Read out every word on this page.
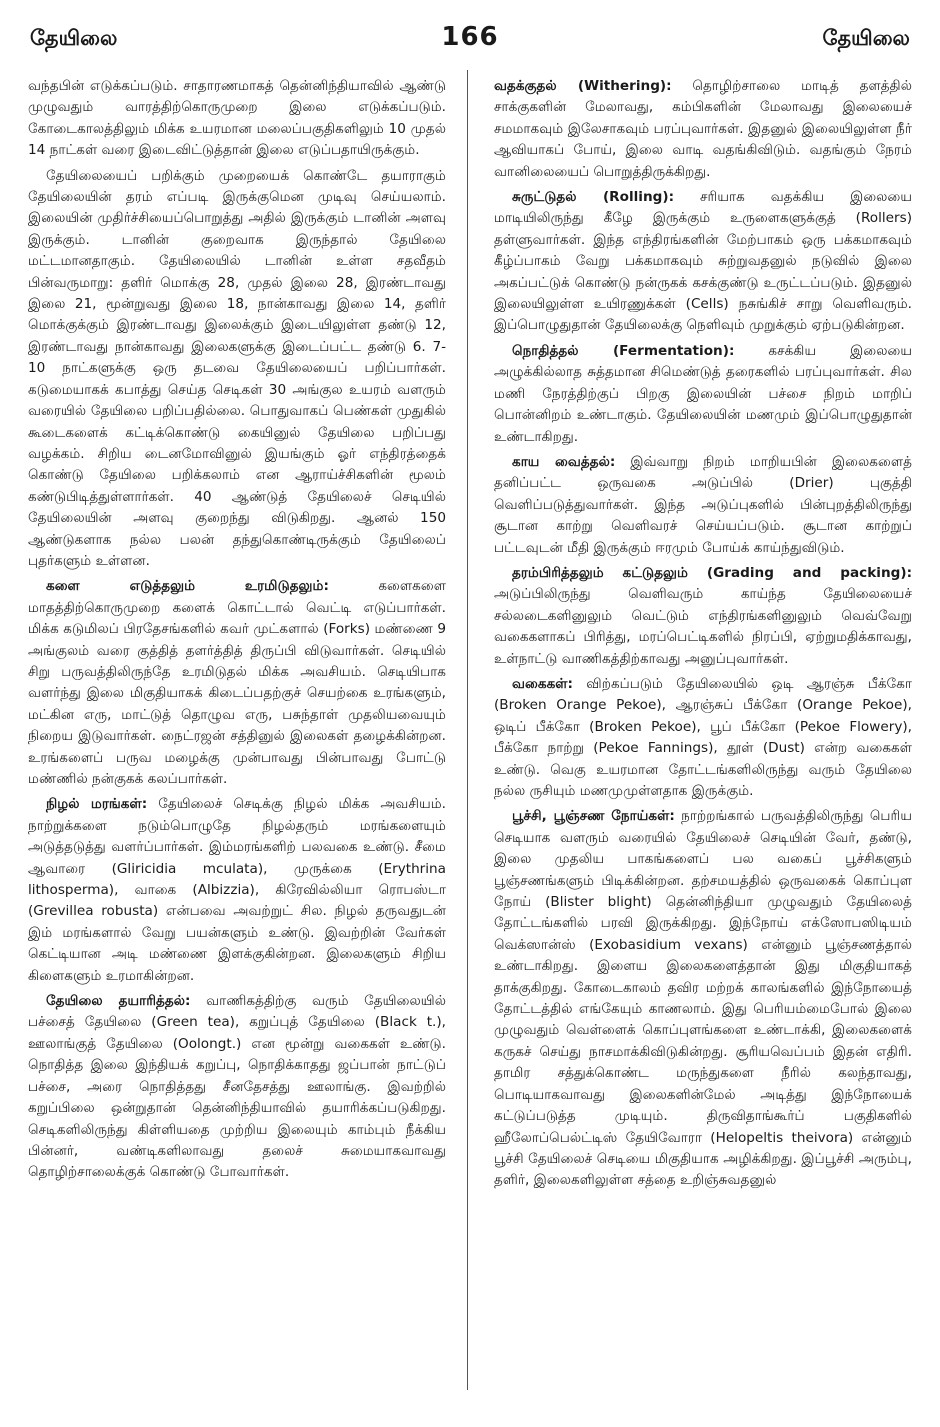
தேயிலை	166	தேயிலை

வந்தபின் எடுக்கப்படும். சாதாரணமாகத் தென்னிந்தியாவில் ஆண்டு முழுவதும் வாரத்திற்கொருமுறை இலை எடுக்கப்படும். கோடைகாலத்திலும் மிக்க உயரமான மலைப்பகுதிகளிலும் 10 முதல் 14 நாட்கள் வரை இடைவிட்டுத்தான் இலை எடுப்பதாயிருக்கும்.

தேயிலையைப் பறிக்கும் முறையைக் கொண்டே தயாராகும் தேயிலையின் தரம் எப்படி இருக்குமென முடிவு செய்யலாம். இலையின் முதிர்ச்சியைப்பொறுத்து அதில் இருக்கும் டானின் அளவு இருக்கும். டானின் குறைவாக இருந்தால் தேயிலை மட்டமானதாகும். தேயிலையில் டானின் உள்ள சதவீதம் பின்வருமாறு: தளிர் மொக்கு 28, முதல் இலை 28, இரண்டாவது இலை 21, மூன்றுவது இலை 18, நான்காவது இலை 14, தளிர் மொக்குக்கும் இரண்டாவது இலைக்கும் இடையிலுள்ள தண்டு 12, இரண்டாவது நான்காவது இலைகளுக்கு இடைப்பட்ட தண்டு 6. 7-10 நாட்களுக்கு ஒரு தடவை தேயிலையைப் பறிப்பார்கள். கடுமையாகக் கபாத்து செய்த செடிகள் 30 அங்குல உயரம் வளரும் வரையில் தேயிலை பறிப்பதில்லை. பொதுவாகப் பெண்கள் முதுகில் கூடைகளைக் கட்டிக்கொண்டு கையினுல் தேயிலை பறிப்பது வழக்கம். சிறிய டைனமோவினுல் இயங்கும் ஓர் எந்திரத்தைக் கொண்டு தேயிலை பறிக்கலாம் என ஆராய்ச்சிகளின் மூலம் கண்டுபிடித்துள்ளார்கள். 40 ஆண்டுத் தேயிலைச் செடியில் தேயிலையின் அளவு குறைந்து விடுகிறது. ஆனல் 150 ஆண்டுகளாக நல்ல பலன் தந்துகொண்டிருக்கும் தேயிலைப் புதர்களும் உள்ளன.

களை எடுத்தலும் உரமிடுதலும்: களைகளை மாதத்திற்கொருமுறை களைக் கொட்டால் வெட்டி எடுப்பார்கள். மிக்க கடுமிலப் பிரதேசங்களில் கவர் முட்களால் (Forks) மண்ணை 9 அங்குலம் வரை குத்தித் தளர்த்தித் திருப்பி விடுவார்கள். செடியில் சிறு பருவத்திலிருந்தே உரமிடுதல் மிக்க அவசியம். செடியிபாக வளர்ந்து இலை மிகுதியாகக் கிடைப்பதற்குச் செயற்கை உரங்களும், மட்கின எரு, மாட்டுத் தொழுவ எரு, பசுந்தாள் முதலியவையும் நிறைய இடுவார்கள். நைட்ரஜன் சத்தினுல் இலைகள் தழைக்கின்றன. உரங்களைப் பருவ மழைக்கு முன்பாவது பின்பாவது போட்டு மண்ணில் நன்குகக் கலப்பார்கள்.

நிழல் மரங்கள்: தேயிலைச் செடிக்கு நிழல் மிக்க அவசியம். நாற்றுக்களை நடும்பொழுதே நிழல்தரும் மரங்களையும் அடுத்தடுத்து வளர்ப்பார்கள். இம்மரங்களிற் பலவகை உண்டு. சீமை ஆவாரை (Gliricidia mculata), முருக்கை (Erythrina lithosperma), வாகை (Albizzia), கிரேவில்லியா ரொபஸ்டா (Grevillea robusta) என்பவை அவற்றுட் சில. நிழல் தருவதுடன் இம் மரங்களால் வேறு பயன்களும் உண்டு. இவற்றின் வேர்கள் கெட்டியான அடி மண்ணை இளக்குகின்றன. இலைகளும் சிறிய கிளைகளும் உரமாகின்றன.

தேயிலை தயாரித்தல்: வாணிகத்திற்கு வரும் தேயிலையில் பச்சைத் தேயிலை (Green tea), கறுப்புத் தேயிலை (Black t.), ஊலாங்குத் தேயிலை (Oolongt.) என மூன்று வகைகள் உண்டு. நொதித்த இலை இந்தியக் கறுப்பு, நொதிக்காதது ஜப்பான் நாட்டுப் பச்சை, அரை நொதித்தது சீனதேசத்து ஊலாங்கு. இவற்றில் கறுப்பிலை ஒன்றுதான் தென்னிந்தியாவில் தயாரிக்கப்படுகிறது. செடிகளிலிருந்து கிள்ளியதை முற்றிய இலையும் காம்பும் நீக்கிய பின்னர், வண்டிகளிலாவது தலைச் சுமையாகவாவது தொழிற்சாலைக்குக் கொண்டு போவார்கள்.

வதக்குதல் (Withering): தொழிற்சாலை மாடித் தளத்தில் சாக்குகளின் மேலாவது, கம்பிகளின் மேலாவது இலையைச் சமமாகவும் இலேசாகவும் பரப்புவார்கள். இதனுல் இலையிலுள்ள நீர் ஆவியாகப் போய், இலை வாடி வதங்கிவிடும். வதங்கும் நேரம் வானிலையைப் பொறுத்திருக்கிறது.

சுருட்டுதல் (Rolling): சரியாக வதக்கிய இலையை மாடியிலிருந்து கீழே இருக்கும் உருளைகளுக்குத் (Rollers) தள்ளுவார்கள். இந்த எந்திரங்களின் மேற்பாகம் ஒரு பக்கமாகவும் கீழ்ப்பாகம் வேறு பக்கமாகவும் சுற்றுவதனுல் நடுவில் இலை அகப்பட்டுக் கொண்டு நன்ருகக் கசக்குண்டு உருட்டப்படும். இதனுல் இலையிலுள்ள உயிரணுக்கள் (Cells) நசுங்கிச் சாறு வெளிவரும். இப்பொழுதுதான் தேயிலைக்கு நெளிவும் முறுக்கும் ஏற்படுகின்றன.

நொதித்தல் (Fermentation): கசக்கிய இலையை அழுக்கில்லாத சுத்தமான சிமெண்டுத் தரைகளில் பரப்புவார்கள். சில மணி நேரத்திற்குப் பிறகு இலையின் பச்சை நிறம் மாறிப் பொன்னிறம் உண்டாகும். தேயிலையின் மணமும் இப்பொழுதுதான் உண்டாகிறது.

காய வைத்தல்: இவ்வாறு நிறம் மாறியபின் இலைகளைத் தனிப்பட்ட ஒருவகை அடுப்பில் (Drier) புகுத்தி வெளிப்படுத்துவார்கள். இந்த அடுப்புகளில் பின்புறத்திலிருந்து சூடான காற்று வெளிவரச் செய்யப்படும். சூடான காற்றுப் பட்டவுடன் மீதி இருக்கும் ஈரமும் போய்க் காய்ந்துவிடும்.

தரம்பிரித்தலும் கட்டுதலும் (Grading and packing): அடுப்பிலிருந்து வெளிவரும் காய்ந்த தேயிலையைச் சல்லடைகளினுலும் வெட்டும் எந்திரங்களினுலும் வெவ்வேறு வகைகளாகப் பிரித்து, மரப்பெட்டிகளில் நிரப்பி, ஏற்றுமதிக்காவது, உள்நாட்டு வாணிகத்திற்காவது அனுப்புவார்கள்.

வகைகள்: விற்கப்படும் தேயிலையில் ஒடி ஆரஞ்சு பீக்கோ (Broken Orange Pekoe), ஆரஞ்சுப் பீக்கோ (Orange Pekoe), ஒடிப் பீக்கோ (Broken Pekoe), பூப் பீக்கோ (Pekoe Flowery), பீக்கோ நாற்று (Pekoe Fannings), தூள் (Dust) என்ற வகைகள் உண்டு. வெகு உயரமான தோட்டங்களிலிருந்து வரும் தேயிலை நல்ல ருசியும் மணமுமுள்ளதாக இருக்கும்.

பூச்சி, பூஞ்சண நோய்கள்: நாற்றங்கால் பருவத்திலிருந்து பெரிய செடியாக வளரும் வரையில் தேயிலைச் செடியின் வேர், தண்டு, இலை முதலிய பாகங்களைப் பல வகைப் பூச்சிகளும் பூஞ்சணங்களும் பிடிக்கின்றன. தற்சமயத்தில் ஒருவகைக் கொப்புள நோய் (Blister blight) தென்னிந்தியா முழுவதும் தேயிலைத் தோட்டங்களில் பரவி இருக்கிறது. இந்நோய் எக்ஸோபஸிடியம் வெக்ஸான்ஸ் (Exobasidium vexans) என்னும் பூஞ்சணத்தால் உண்டாகிறது. இளைய இலைகளைத்தான் இது மிகுதியாகத் தாக்குகிறது. கோடைகாலம் தவிர மற்றக் காலங்களில் இந்நோயைத் தோட்டத்தில் எங்கேயும் காணலாம். இது பெரியம்மைபோல் இலை முழுவதும் வெள்ளைக் கொப்புளங்களை உண்டாக்கி, இலைகளைக் கருகச் செய்து நாசமாக்கிவிடுகின்றது. சூரியவெப்பம் இதன் எதிரி. தாமிர சத்துக்கொண்ட மருந்துகளை நீரில் கலந்தாவது, பொடியாகவாவது இலைகளின்மேல் அடித்து இந்நோயைக் கட்டுப்படுத்த முடியும். திருவிதாங்கூர்ப் பகுதிகளில் ஹீலோப்பெல்ட்டிஸ் தேயிவோரா (Helopeltis theivora) என்னும் பூச்சி தேயிலைச் செடியை மிகுதியாக அழிக்கிறது. இப்பூச்சி அரும்பு, தளிர், இலைகளிலுள்ள சத்தை உறிஞ்சுவதனுல்
